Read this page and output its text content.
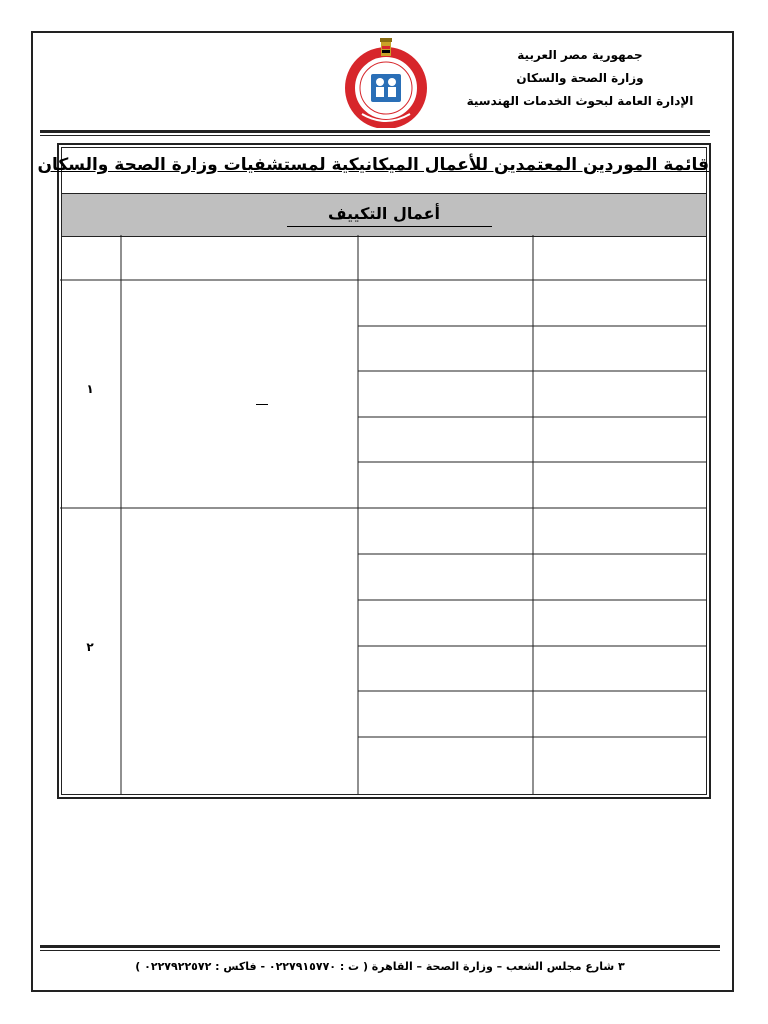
جمهورية مصر العربية
وزارة الصحة والسكان
الإدارة العامة لبحوث الخدمات الهندسية
قائمة الموردين المعتمدين للأعمال الميكانيكية لمستشفيات وزارة الصحة والسكان
أعمال التكييف
١
٢
٣ شارع مجلس الشعب – وزارة الصحة – القاهرة ( ت : ٠٢٢٧٩١٥٧٧٠ - فاكس : ٠٢٢٧٩٢٢٥٧٢ )
